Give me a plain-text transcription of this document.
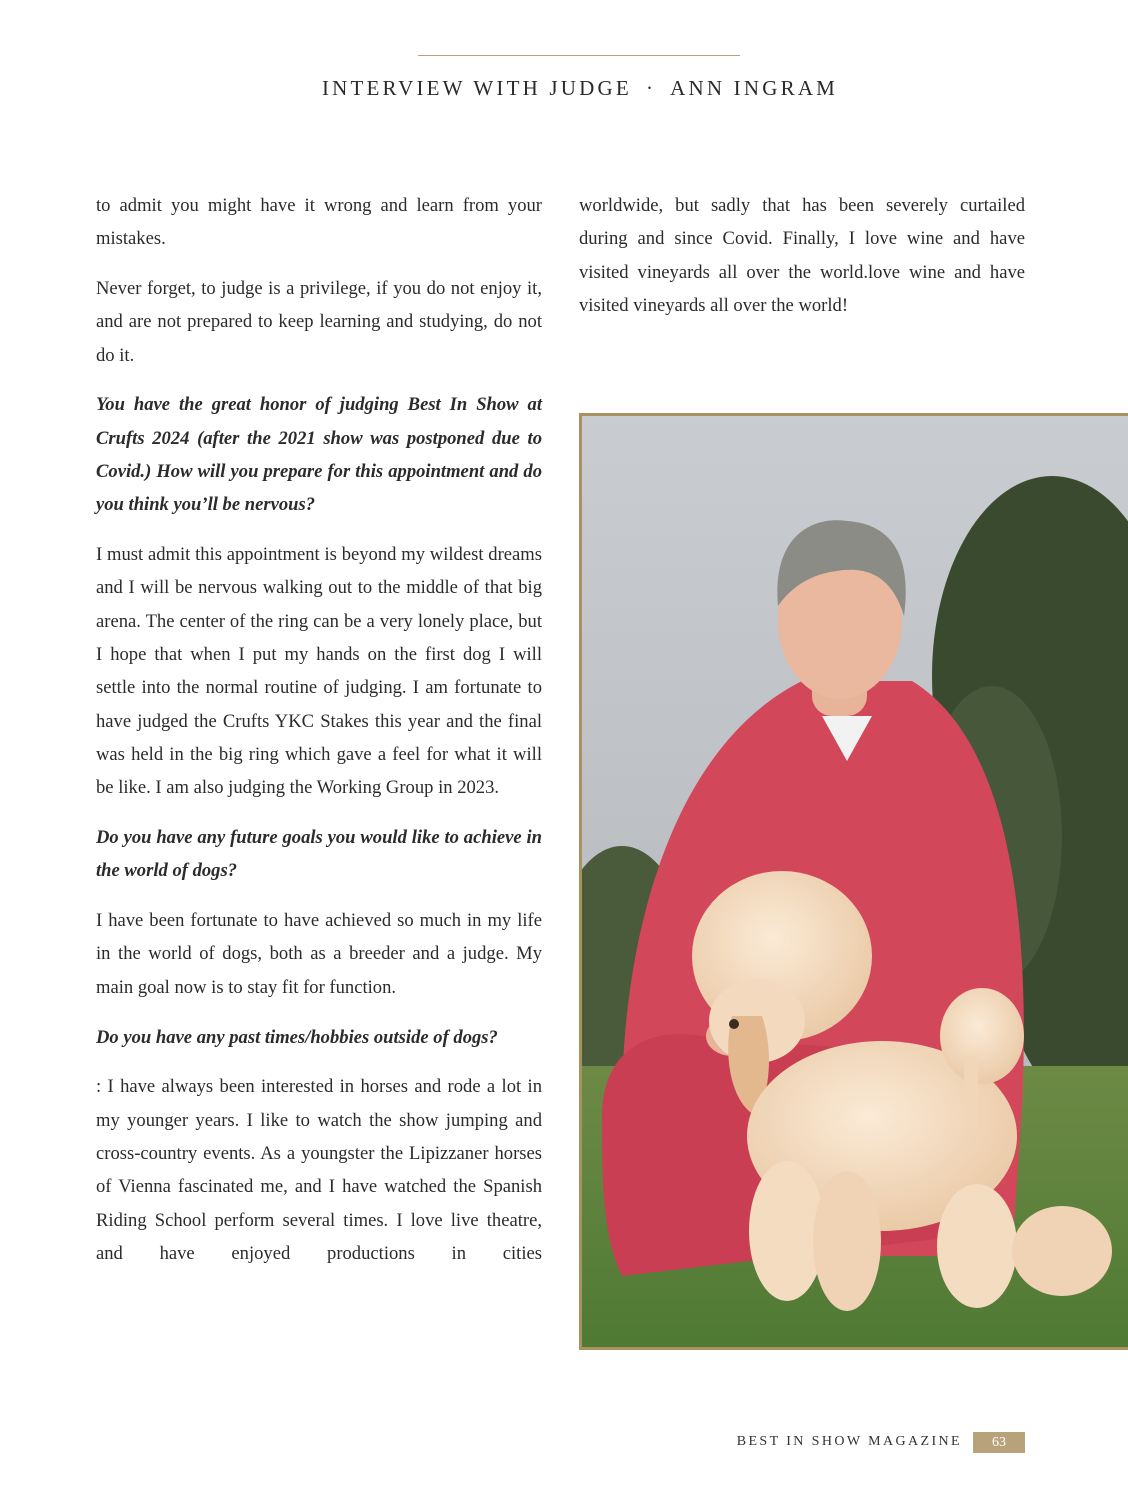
INTERVIEW WITH JUDGE · ANN INGRAM

to admit you might have it wrong and learn from your mistakes.

Never forget, to judge is a privilege, if you do not enjoy it, and are not prepared to keep learning and studying, do not do it.

You have the great honor of judging Best In Show at Crufts 2024 (after the 2021 show was postponed due to Covid.) How will you prepare for this appointment and do you think you’ll be nervous?

I must admit this appointment is beyond my wildest dreams and I will be nervous walking out to the middle of that big arena. The center of the ring can be a very lonely place, but I hope that when I put my hands on the first dog I will settle into the normal routine of judging. I am fortunate to have judged the Crufts YKC Stakes this year and the final was held in the big ring which gave a feel for what it will be like. I am also judging the Working Group in 2023.

Do you have any future goals you would like to achieve in the world of dogs?

I have been fortunate to have achieved so much in my life in the world of dogs, both as a breeder and a judge. My main goal now is to stay fit for function.

Do you have any past times/hobbies outside of dogs?

: I have always been interested in horses and rode a lot in my younger years. I like to watch the show jumping and cross-country events. As a youngster the Lipizzaner horses of Vienna fascinated me, and I have watched the Spanish Riding School perform several times. I love live theatre, and have enjoyed productions in cities

worldwide, but sadly that has been severely curtailed during and since Covid. Finally, I love wine and have visited vineyards all over the world.love wine and have visited vineyards all over the world!

BEST IN SHOW MAGAZINE	63
